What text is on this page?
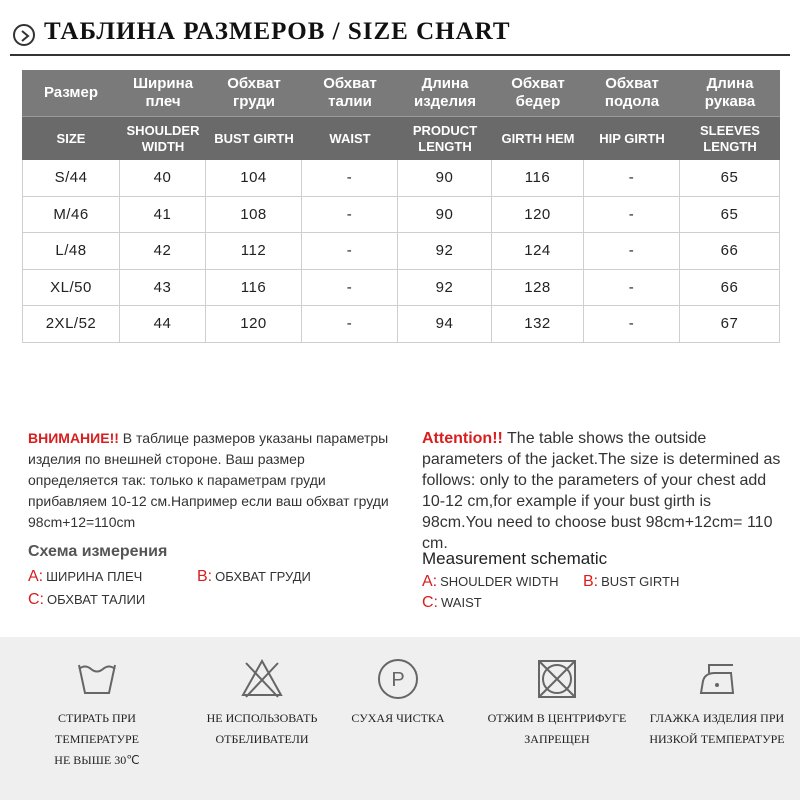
ТАБЛИНА РАЗМЕРОВ / SIZE CHART
Размер	Ширина плеч	Обхват груди	Обхват талии	Длина изделия	Обхват бедер	Обхват подола	Длина рукава
SIZE	SHOULDER WIDTH	BUST GIRTH	WAIST	PRODUCT LENGTH	GIRTH HEM	HIP GIRTH	SLEEVES LENGTH
S/44	40	104	-	90	116	-	65
M/46	41	108	-	90	120	-	65
L/48	42	112	-	92	124	-	66
XL/50	43	116	-	92	128	-	66
2XL/52	44	120	-	94	132	-	67
ВНИМАНИЕ!! В таблице размеров указаны параметры изделия по внешней стороне. Ваш размер определяется так: только к параметрам груди прибавляем 10-12 см.Например если ваш обхват груди 98cm+12=110cm
Схема измерения
A: ШИРИНА ПЛЕЧ	B: ОБХВАТ ГРУДИ
C: ОБХВАТ ТАЛИИ
Attention!! The table shows the outside parameters of the jacket.The size is determined as follows: only to the parameters of your chest add 10-12 cm,for example if your bust girth is 98cm.You need to choose bust 98cm+12cm= 110 cm.
Measurement schematic
A: SHOULDER WIDTH B: BUST GIRTH
C: WAIST
СТИРАТЬ ПРИ ТЕМПЕРАТУРЕ
НЕ ВЫШЕ 30℃
НЕ ИСПОЛЬЗОВАТЬ
ОТБЕЛИВАТЕЛИ
P
СУХАЯ ЧИСТКА	ОТЖИМ В ЦЕНТРИФУГЕ
ЗАПРЕЩЕН
ГЛАЖКА ИЗДЕЛИЯ ПРИ
НИЗКОЙ ТЕМПЕРАТУРЕ
